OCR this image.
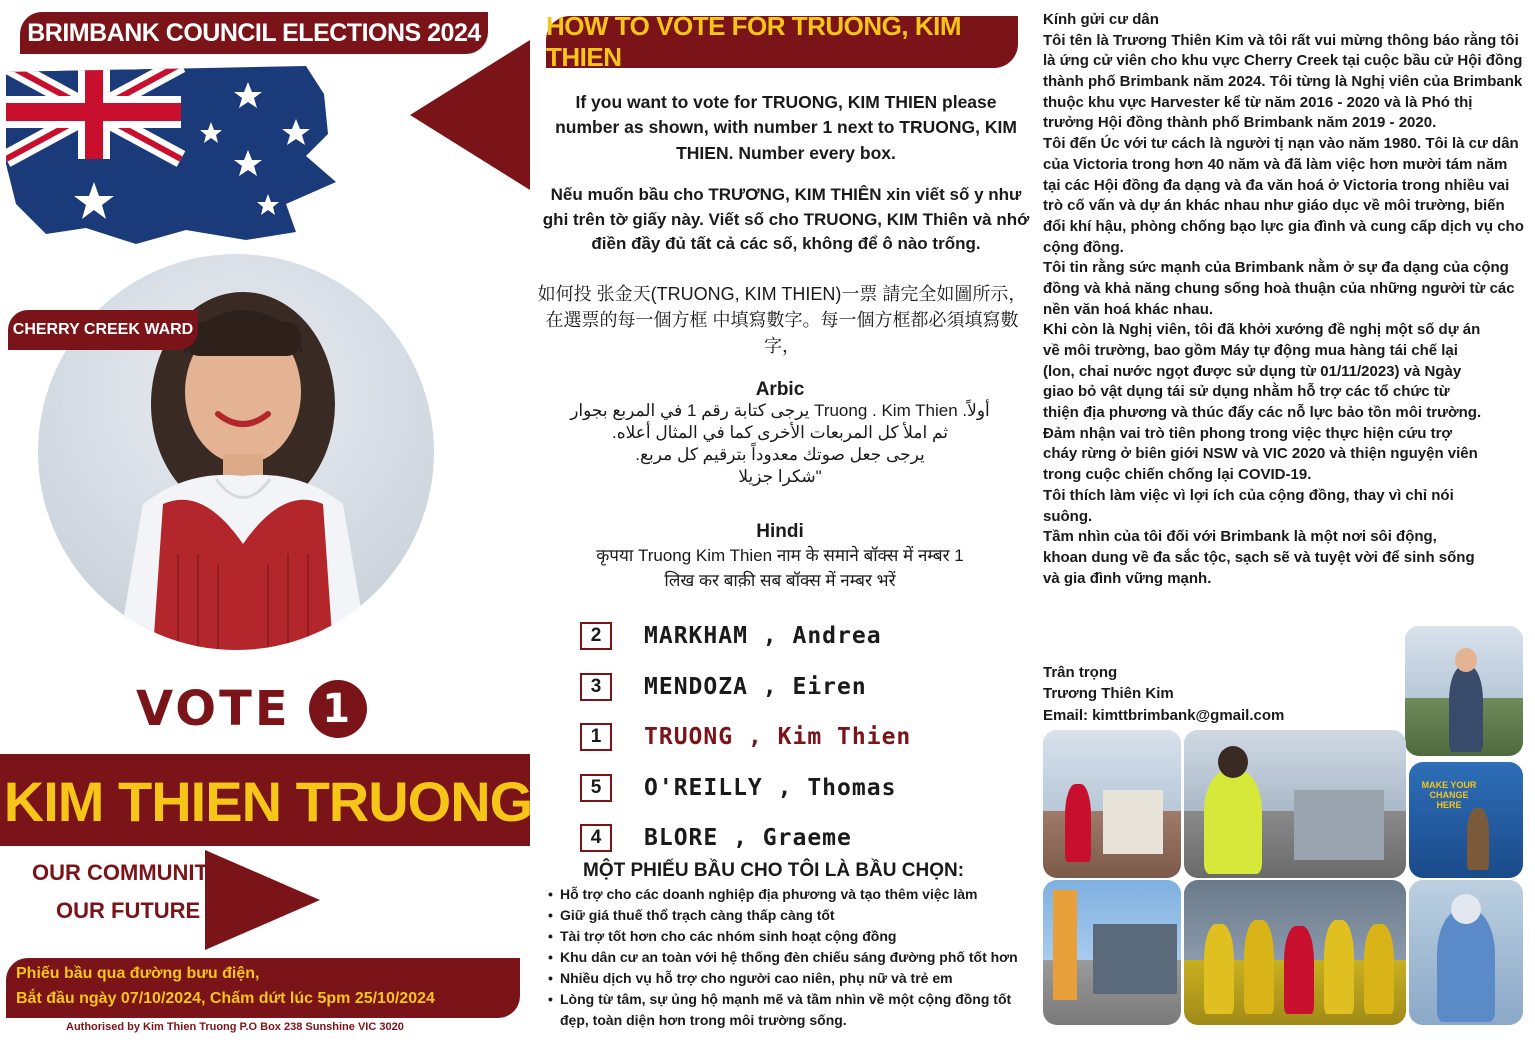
BRIMBANK COUNCIL ELECTIONS 2024
CHERRY CREEK WARD
VOTE 1
KIM THIEN TRUONG
OUR COMMUNITY
OUR FUTURE
Phiếu bầu qua đường bưu điện,
Bắt đầu ngày 07/10/2024, Chấm dứt lúc 5pm 25/10/2024
Authorised by Kim Thien Truong P.O Box 238 Sunshine VIC 3020
HOW TO VOTE FOR TRUONG, KIM THIEN
If you want to vote for TRUONG, KIM THIEN please number as shown, with number 1 next to TRUONG, KIM THIEN. Number every box.
Nếu muốn bầu cho TRƯƠNG, KIM THIÊN xin viết số y như ghi trên tờ giấy này. Viết số cho TRUONG, KIM Thiên và nhớ điền đầy đủ tất cả các số, không để ô nào trống.
如何投 张金天(TRUONG, KIM THIEN)一票 請完全如圖所示，在選票的每一個方框 中填寫數字。每一個方框都必須填寫數字，
Arbic
أولاً. Truong . Kim Thien يرجى كتابة رقم 1 في المربع بجوار
ثم املأ كل المربعات الأخرى كما في المثال أعلاه.
يرجى جعل صوتك معدوداً بترقيم كل مربع.
"شكرا جزيلا
Hindi
कृपया Truong Kim Thien नाम के समाने बॉक्स में नम्बर 1
लिख कर बाक़ी सब बॉक्स में नम्बर भरें
2	MARKHAM , Andrea
3	MENDOZA , Eiren
1	TRUONG , Kim Thien
5	O'REILLY , Thomas
4	BLORE , Graeme
MỘT PHIẾU BẦU CHO TÔI LÀ BẦU CHỌN:
• Hỗ trợ cho các doanh nghiệp địa phương và tạo thêm việc làm
• Giữ giá thuế thổ trạch càng thấp càng tốt
• Tài trợ tốt hơn cho các nhóm sinh hoạt cộng đồng
• Khu dân cư an toàn với hệ thống đèn chiếu sáng đường phố tốt hơn
• Nhiều dịch vụ hỗ trợ cho người cao niên, phụ nữ và trẻ em
• Lòng từ tâm, sự ủng hộ mạnh mẽ và tầm nhìn về một cộng đồng tốt đẹp, toàn diện hơn trong môi trường sống.

Kính gửi cư dân

Tôi tên là Trương Thiên Kim và tôi rất vui mừng thông báo rằng tôi là ứng cử viên cho khu vực Cherry Creek tại cuộc bầu cử Hội đồng thành phố Brimbank năm 2024. Tôi từng là Nghị viên của Brimbank thuộc khu vực Harvester kể từ năm 2016 - 2020 và là Phó thị trưởng Hội đồng thành phố Brimbank năm 2019 - 2020.

Tôi đến Úc với tư cách là người tị nạn vào năm 1980. Tôi là cư dân của Victoria trong hơn 40 năm và đã làm việc hơn mười tám năm tại các Hội đồng đa dạng và đa văn hoá ở Victoria trong nhiều vai trò cố vấn và dự án khác nhau như giáo dục về môi trường, biến đổi khí hậu, phòng chống bạo lực gia đình và cung cấp dịch vụ cho cộng đồng.

Tôi tin rằng sức mạnh của Brimbank nằm ở sự đa dạng của cộng đồng và khả năng chung sống hoà thuận của những người từ các nền văn hoá khác nhau.

Khi còn là Nghị viên, tôi đã khởi xướng đề nghị một số dự án về môi trường, bao gồm Máy tự động mua hàng tái chế lại (lon, chai nước ngọt được sử dụng từ 01/11/2023) và Ngày giao bỏ vật dụng tái sử dụng nhằm hỗ trợ các tổ chức từ thiện địa phương và thúc đẩy các nỗ lực bảo tồn môi trường.

Đảm nhận vai trò tiên phong trong việc thực hiện cứu trợ cháy rừng ở biên giới NSW và VIC 2020 và thiện nguyện viên trong cuộc chiến chống lại COVID-19.

Tôi thích làm việc vì lợi ích của cộng đồng, thay vì chỉ nói suông.

Tầm nhìn của tôi đối với Brimbank là một nơi sôi động, khoan dung về đa sắc tộc, sạch sẽ và tuyệt vời để sinh sống và gia đình vững mạnh.

Trân trọng
Trương Thiên Kim
Email: kimttbrimbank@gmail.com
MAKE YOUR CHANGE HERE
